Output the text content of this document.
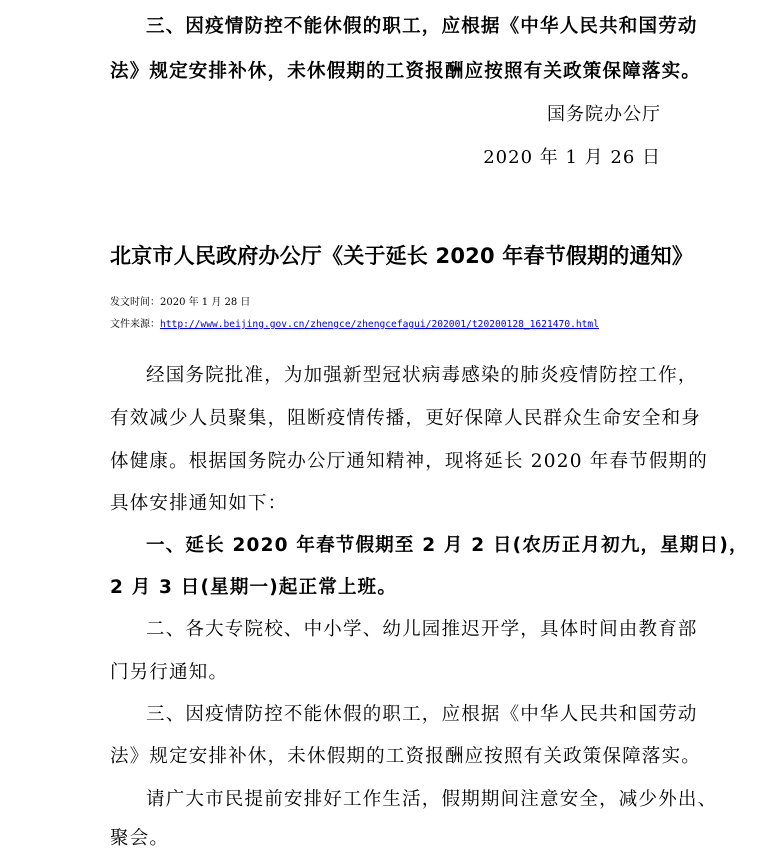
三、因疫情防控不能休假的职工，应根据《中华人民共和国劳动
法》规定安排补休，未休假期的工资报酬应按照有关政策保障落实。
国务院办公厅
2020 年 1 月 26 日
北京市人民政府办公厅《关于延长 2020 年春节假期的通知》
发文时间：2020 年 1 月 28 日
文件来源：http://www.beijing.gov.cn/zhengce/zhengcefagui/202001/t20200128_1621470.html
经国务院批准，为加强新型冠状病毒感染的肺炎疫情防控工作，
有效减少人员聚集，阻断疫情传播，更好保障人民群众生命安全和身
体健康。根据国务院办公厅通知精神，现将延长 2020 年春节假期的
具体安排通知如下：
一、延长 2020 年春节假期至 2 月 2 日(农历正月初九，星期日)，
2 月 3 日(星期一)起正常上班。
二、各大专院校、中小学、幼儿园推迟开学，具体时间由教育部
门另行通知。
三、因疫情防控不能休假的职工，应根据《中华人民共和国劳动
法》规定安排补休，未休假期的工资报酬应按照有关政策保障落实。
请广大市民提前安排好工作生活，假期期间注意安全，减少外出、
聚会。
